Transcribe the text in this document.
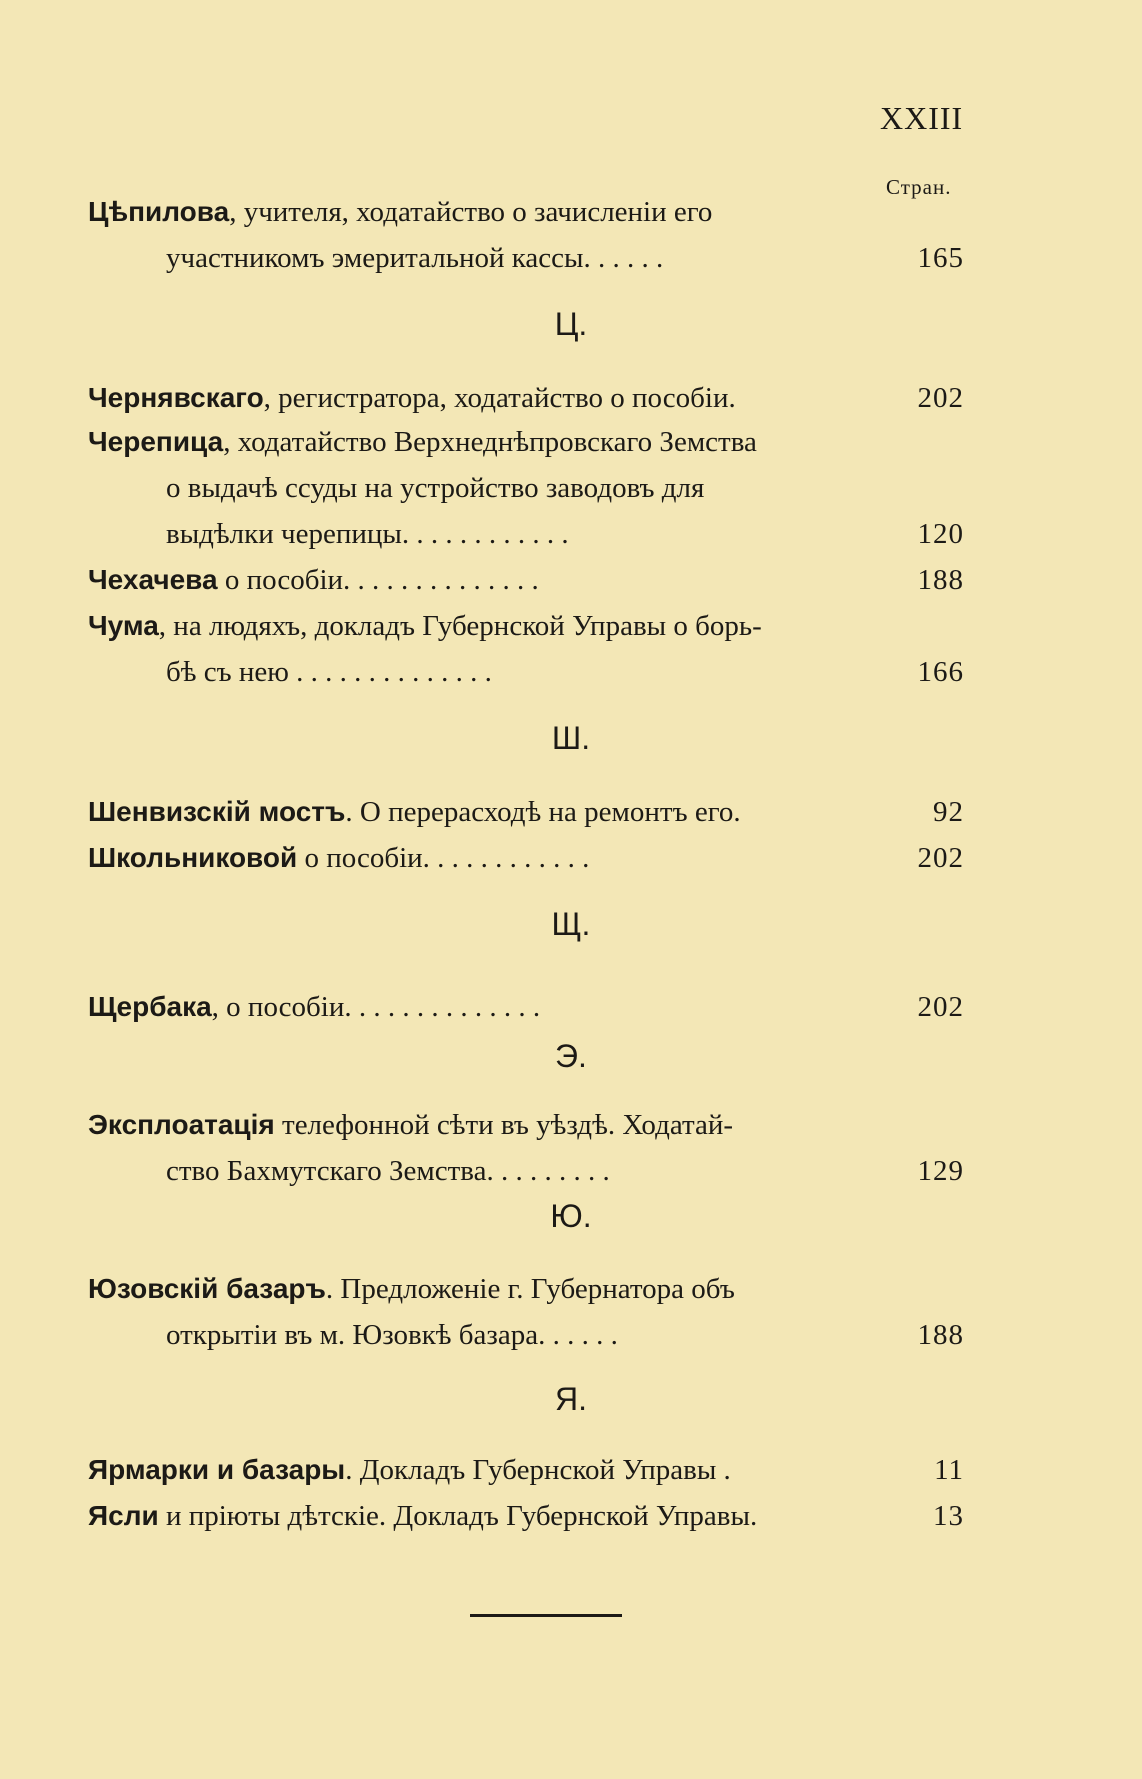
XXIII
Стран.
Цѣпилова, учителя, ходатайство о зачисленіи его
участникомъ эмеритальной кассы. . . . . .	165
Ц.
Чернявскаго, регистратора, ходатайство о пособіи.	202
Черепица, ходатайство Верхнеднѣпровскаго Земства
о выдачѣ ссуды на устройство заводовъ для
выдѣлки черепицы. . . . . . . . . . . .	120
Чехачева о пособіи. . . . . . . . . . . . . .	188
Чума, на людяхъ, докладъ Губернской Управы о борь-
бѣ съ нею . . . . . . . . . . . . . .	166
Ш.
Шенвизскій мостъ. О перерасходѣ на ремонтъ его.	92
Школьниковой о пособіи. . . . . . . . . . . .	202
Щ.
Щербака, о пособіи. . . . . . . . . . . . . .	202
Э.
Эксплоатація телефонной сѣти въ уѣздѣ. Ходатай-
ство Бахмутскаго Земства. . . . . . . . .	129
Ю.
Юзовскій базаръ. Предложеніе г. Губернатора объ
открытіи въ м. Юзовкѣ базара. . . . . .	188
Я.
Ярмарки и базары. Докладъ Губернской Управы .	11
Ясли и пріюты дѣтскіе. Докладъ Губернской Управы.	13
